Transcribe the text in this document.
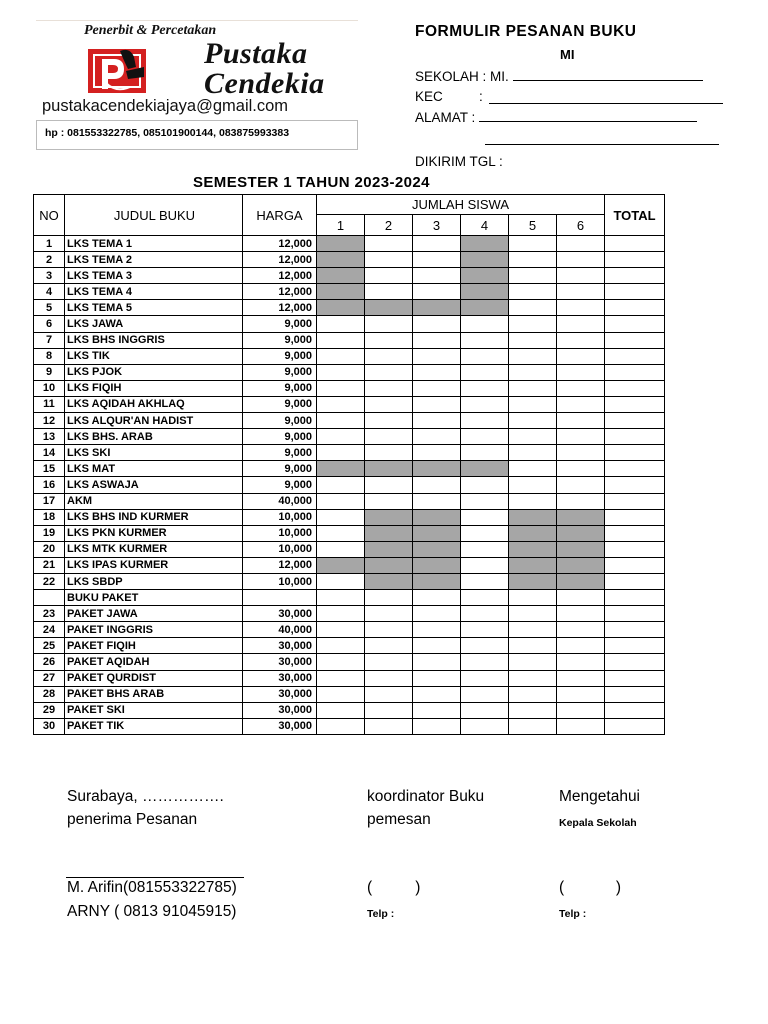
Penerbit & Percetakan
Pustaka
Cendekia
pustakacendekiajaya@gmail.com
hp : 081553322785, 085101900144, 083875993383
FORMULIR PESANAN BUKU
MI
SEKOLAH : MI.
KEC	:
ALAMAT :
DIKIRIM TGL :
SEMESTER 1 TAHUN 2023-2024
NO	JUDUL BUKU	HARGA	JUMLAH SISWA						TOTAL
			1	2	3	4	5	6	
1	LKS TEMA 1	12,000							
2	LKS TEMA 2	12,000							
3	LKS TEMA 3	12,000							
4	LKS TEMA 4	12,000							
5	LKS TEMA 5	12,000							
6	LKS JAWA	9,000							
7	LKS BHS INGGRIS	9,000							
8	LKS TIK	9,000							
9	LKS PJOK	9,000							
10	LKS FIQIH	9,000							
11	LKS AQIDAH AKHLAQ	9,000							
12	LKS ALQUR'AN HADIST	9,000							
13	LKS BHS. ARAB	9,000							
14	LKS SKI	9,000							
15	LKS MAT	9,000							
16	LKS ASWAJA	9,000							
17	AKM	40,000							
18	LKS BHS IND KURMER	10,000							
19	LKS PKN KURMER	10,000							
20	LKS MTK KURMER	10,000							
21	LKS IPAS KURMER	12,000							
22	LKS SBDP	10,000							
	BUKU PAKET								
23	PAKET JAWA	30,000							
24	PAKET INGGRIS	40,000							
25	PAKET FIQIH	30,000							
26	PAKET AQIDAH	30,000							
27	PAKET QURDIST	30,000							
28	PAKET BHS ARAB	30,000							
29	PAKET SKI	30,000							
30	PAKET TIK	30,000							
Surabaya, …………….
penerima Pesanan
koordinator Buku
pemesan
Mengetahui
Kepala Sekolah
M. Arifin(081553322785)
ARNY ( 0813 91045915)
(          )	(            )
Telp :	Telp :
